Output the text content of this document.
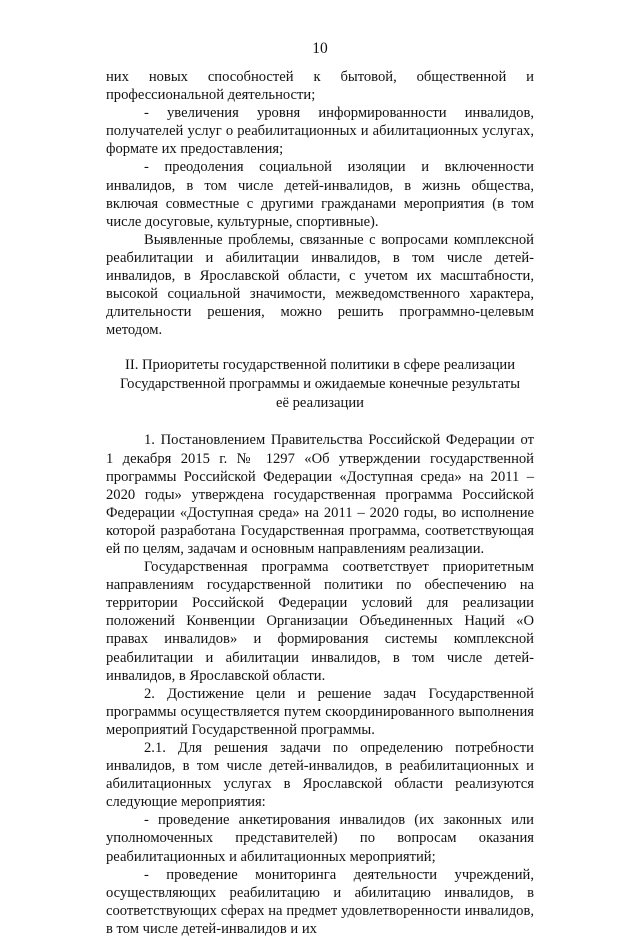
10

них новых способностей к бытовой, общественной и профессиональной деятельности;

- увеличения уровня информированности инвалидов, получателей услуг о реабилитационных и абилитационных услугах, формате их предоставления;

- преодоления социальной изоляции и включенности инвалидов, в том числе детей-инвалидов, в жизнь общества, включая совместные с другими гражданами мероприятия (в том числе досуговые, культурные, спортивные).

Выявленные проблемы, связанные с вопросами комплексной реабилитации и абилитации инвалидов, в том числе детей-инвалидов, в Ярославской области, с учетом их масштабности, высокой социальной значимости, межведомственного характера, длительности решения, можно решить программно-целевым методом.

II. Приоритеты государственной политики в сфере реализации
Государственной программы и ожидаемые конечные результаты
её реализации

1. Постановлением Правительства Российской Федерации от 1 декабря 2015 г. № 1297 «Об утверждении государственной программы Российской Федерации «Доступная среда» на 2011 – 2020 годы» утверждена государственная программа Российской Федерации «Доступная среда» на 2011 – 2020 годы, во исполнение которой разработана Государственная программа, соответствующая ей по целям, задачам и основным направлениям реализации.

Государственная программа соответствует приоритетным направлениям государственной политики по обеспечению на территории Российской Федерации условий для реализации положений Конвенции Организации Объединенных Наций «О правах инвалидов» и формирования системы комплексной реабилитации и абилитации инвалидов, в том числе детей-инвалидов, в Ярославской области.

2. Достижение цели и решение задач Государственной программы осуществляется путем скоординированного выполнения мероприятий Государственной программы.

2.1. Для решения задачи по определению потребности инвалидов, в том числе детей-инвалидов, в реабилитационных и абилитационных услугах в Ярославской области реализуются следующие мероприятия:

- проведение анкетирования инвалидов (их законных или уполномоченных представителей) по вопросам оказания реабилитационных и абилитационных мероприятий;

- проведение мониторинга деятельности учреждений, осуществляющих реабилитацию и абилитацию инвалидов, в соответствующих сферах на предмет удовлетворенности инвалидов, в том числе детей-инвалидов и их
